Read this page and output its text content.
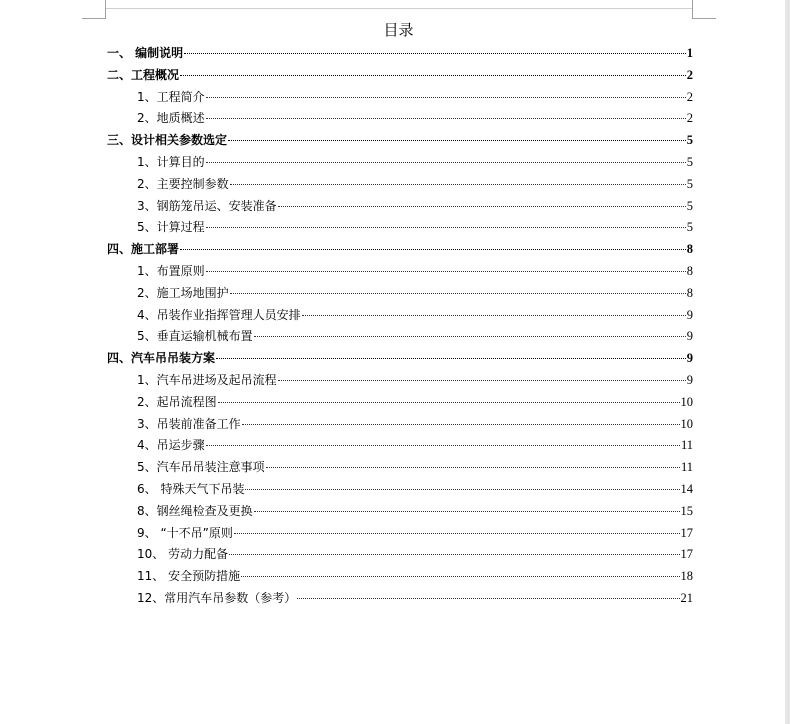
目录
一、 编制说明	1
二、工程概况	2
1、工程简介	2
2、地质概述	2
三、设计相关参数选定	5
1、计算目的	5
2、主要控制参数	5
3、钢筋笼吊运、安装准备	5
5、计算过程	5
四、施工部署	8
1、布置原则	8
2、施工场地围护	8
4、吊装作业指挥管理人员安排	9
5、垂直运输机械布置	9
四、汽车吊吊装方案	9
1、汽车吊进场及起吊流程	9
2、起吊流程图	10
3、吊装前准备工作	10
4、吊运步骤	11
5、汽车吊吊装注意事项	11
6、 特殊天气下吊装	14
8、钢丝绳检查及更换	15
9、 “十不吊”原则	17
10、 劳动力配备	17
11、 安全预防措施	18
12、常用汽车吊参数（参考）	21
